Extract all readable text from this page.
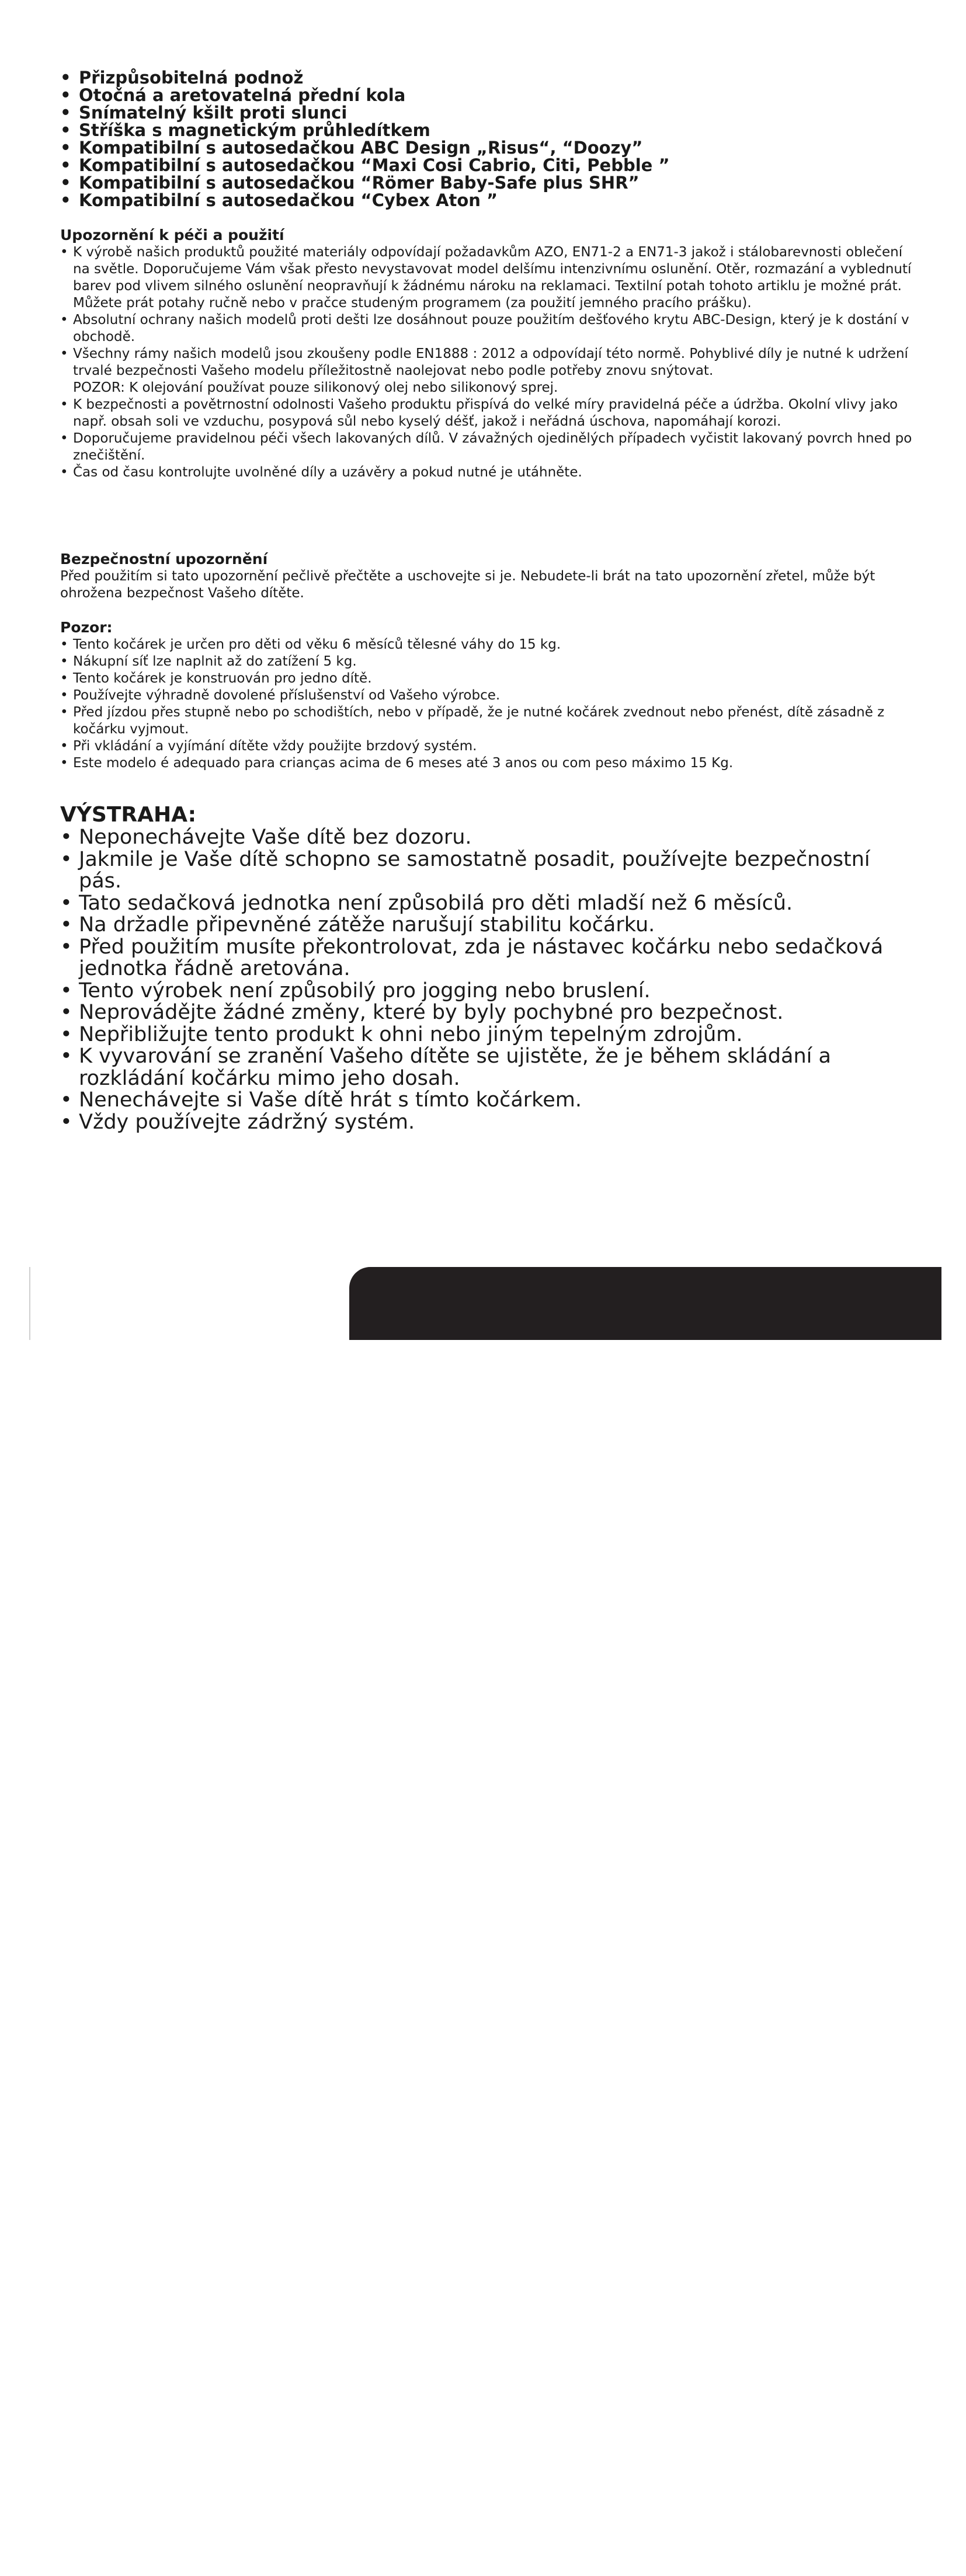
• Přizpůsobitelná podnož
• Otočná a aretovatelná přední kola
• Snímatelný kšilt proti slunci
• Stříška s magnetickým průhledítkem
• Kompatibilní s autosedačkou ABC Design „Risus“, “Doozy”
• Kompatibilní s autosedačkou “Maxi Cosi Cabrio, Citi, Pebble ”
• Kompatibilní s autosedačkou “Römer Baby-Safe plus SHR”
• Kompatibilní s autosedačkou “Cybex Aton ”
Upozornění k péči a použití
• K výrobě našich produktů použité materiály odpovídají požadavkům AZO, EN71-2 a EN71-3 jakož i stálobarevnosti oblečení na světle. Doporučujeme Vám však přesto nevystavovat model delšímu intenzivnímu oslunění. Otěr, rozmazání a vyblednutí barev pod vlivem silného oslunění neopravňují k žádnému nároku na reklamaci. Textilní potah tohoto artiklu je možné prát. Můžete prát potahy ručně nebo v pračce studeným programem (za použití jemného pracího prášku).
• Absolutní ochrany našich modelů proti dešti lze dosáhnout pouze použitím dešťového krytu ABC-Design, který je k dostání v obchodě.
• Všechny rámy našich modelů jsou zkoušeny podle EN1888 : 2012 a odpovídají této normě. Pohyblivé díly je nutné k udržení trvalé bezpečnosti Vašeho modelu příležitostně naolejovat nebo podle potřeby znovu snýtovat.
POZOR: K olejování používat pouze silikonový olej nebo silikonový sprej.
• K bezpečnosti a povětrnostní odolnosti Vašeho produktu přispívá do velké míry pravidelná péče a údržba. Okolní vlivy jako např. obsah soli ve vzduchu, posypová sůl nebo kyselý déšť, jakož i neřádná úschova, napomáhají korozi.
• Doporučujeme pravidelnou péči všech lakovaných dílů. V závažných ojedinělých případech vyčistit lakovaný povrch hned po znečištění.
• Čas od času kontrolujte uvolněné díly a uzávěry a pokud nutné je utáhněte.
Bezpečnostní upozornění
Před použitím si tato upozornění pečlivě přečtěte a uschovejte si je. Nebudete-li brát na tato upozornění zřetel, může být ohrožena bezpečnost Vašeho dítěte.
Pozor:
• Tento kočárek je určen pro děti od věku 6 měsíců tělesné váhy do 15 kg.
• Nákupní síť lze naplnit až do zatížení 5 kg.
• Tento kočárek je konstruován pro jedno dítě.
• Používejte výhradně dovolené příslušenství od Vašeho výrobce.
• Před jízdou přes stupně nebo po schodištích, nebo v případě, že je nutné kočárek zvednout nebo přenést, dítě zásadně z kočárku vyjmout.
• Při vkládání a vyjímání dítěte vždy použijte brzdový systém.
• Este modelo é adequado para crianças acima de 6 meses até 3 anos ou com peso máximo 15 Kg.
VÝSTRAHA:
• Neponechávejte Vaše dítě bez dozoru.
• Jakmile je Vaše dítě schopno se samostatně posadit, používejte bezpečnostní pás.
• Tato sedačková jednotka není způsobilá pro děti mladší než 6 měsíců.
• Na držadle připevněné zátěže narušují stabilitu kočárku.
• Před použitím musíte překontrolovat, zda je nástavec kočárku nebo sedačková jednotka řádně aretována.
• Tento výrobek není způsobilý pro jogging nebo bruslení.
• Neprovádějte žádné změny, které by byly pochybné pro bezpečnost.
• Nepřibližujte tento produkt k ohni nebo jiným tepelným zdrojům.
• K vyvarování se zranění Vašeho dítěte se ujistěte, že je během skládání a rozkládání kočárku mimo jeho dosah.
• Nenechávejte si Vaše dítě hrát s tímto kočárkem.
• Vždy používejte zádržný systém.
CZ - 22
